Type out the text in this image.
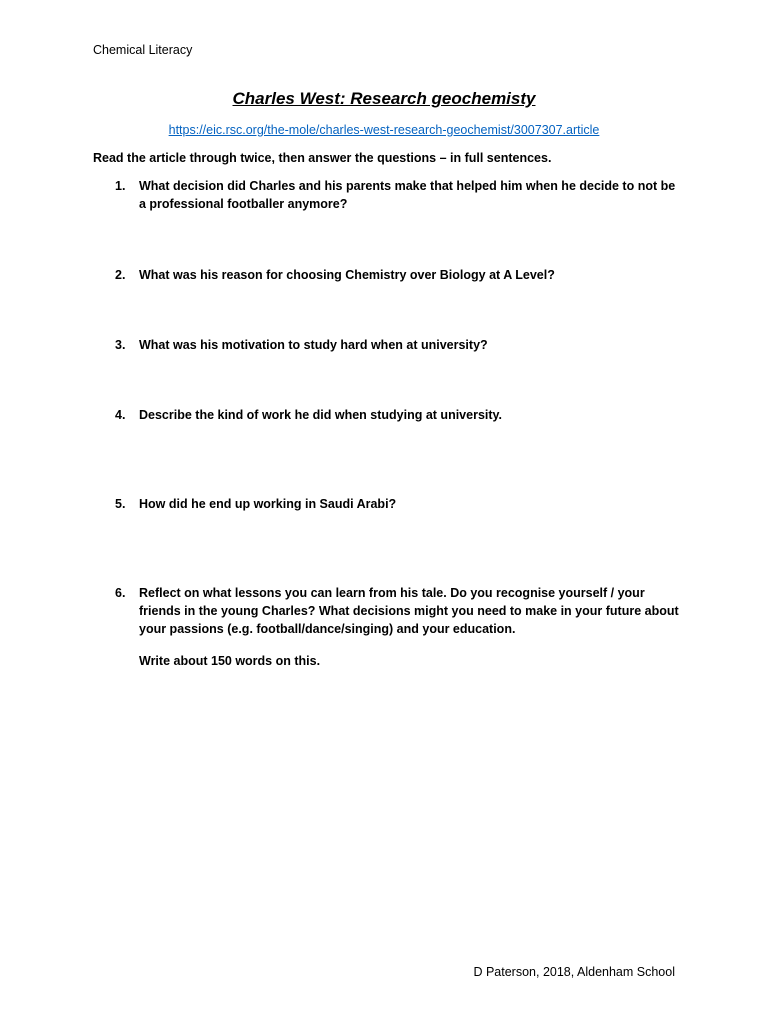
Chemical Literacy
Charles West: Research geochemisty
https://eic.rsc.org/the-mole/charles-west-research-geochemist/3007307.article
Read the article through twice, then answer the questions – in full sentences.
1. What decision did Charles and his parents make that helped him when he decide to not be a professional footballer anymore?
2. What was his reason for choosing Chemistry over Biology at A Level?
3. What was his motivation to study hard when at university?
4. Describe the kind of work he did when studying at university.
5. How did he end up working in Saudi Arabi?
6. Reflect on what lessons you can learn from his tale. Do you recognise yourself / your friends in the young Charles? What decisions might you need to make in your future about your passions (e.g. football/dance/singing) and your education.
Write about 150 words on this.
D Paterson, 2018, Aldenham School
